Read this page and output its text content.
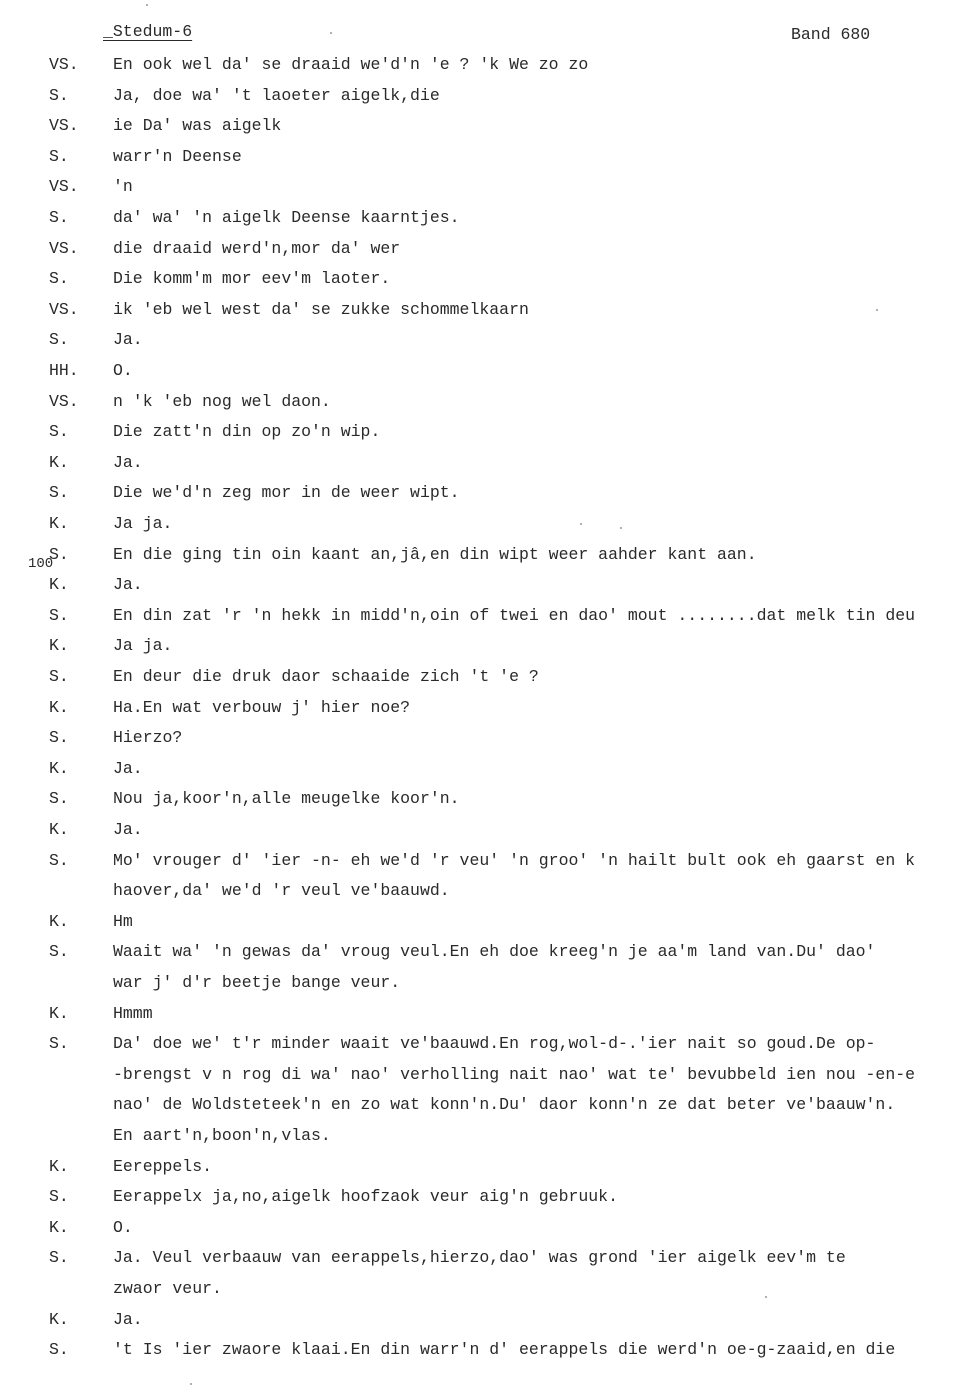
_Stedum-6	Band 680
100
VS. En ook wel da' se draaid we'd'n 'e ? 'k We zo zo
S.	Ja, doe wa' 't laoeter aigelk,die
VS. ie Da' was aigelk
S.	warr'n Deense
VS. 'n
S.	da' wa' 'n aigelk Deense kaarntjes.
VS. die draaid werd'n,mor da' wer
S.	Die komm'm mor eev'm laoter.
VS. ik 'eb wel west da' se zukke schommelkaarn
S.	Ja.
HH. O.
VS. n 'k 'eb nog wel daon.
S.	Die zatt'n din op zo'n wip.
K.	Ja.
S.	Die we'd'n zeg mor in de weer wipt.
K.	Ja ja.
S.	En die ging tin oin kaant an,jâ,en din wipt weer aahder kant aan.
K.	Ja.
S.	En din zat 'r 'n hekk in midd'n,oin of twei en dao' mout ........dat melk tin deu
K.	Ja ja.
S.	En deur die druk daor schaaide zich 't 'e ?
K.	Ha.En wat verbouw j' hier noe?
S.	Hierzo?
K.	Ja.
S.	Nou ja,koor'n,alle meugelke koor'n.
K.	Ja.
S.	Mo' vrouger d' 'ier -n- eh we'd 'r veu' 'n groo' 'n hailt bult ook eh gaarst en k
haover,da' we'd 'r veul ve'baauwd.
K.	Hm
S.	Waait wa' 'n gewas da' vroug veul.En eh doe kreeg'n je aa'm land van.Du' dao'
war j' d'r beetje bange veur.
K.	Hmmm
S.	Da' doe we' t'r minder waait ve'baauwd.En rog,wol-d-.'ier nait so goud.De op-
-brengst v n rog di wa' nao' verholling nait nao' wat te' bevubbeld ien nou -en-e
nao' de Woldsteteek'n en zo wat konn'n.Du' daor konn'n ze dat beter ve'baauw'n.
En aart'n,boon'n,vlas.
K.	Eereppels.
S.	Eerappelx ja,no,aigelk hoofzaok veur aig'n gebruuk.
K.	O.
S.	Ja. Veul verbaauw van eerappels,hierzo,dao' was grond 'ier aigelk eev'm te
zwaor veur.
K.	Ja.
S.	't Is 'ier zwaore klaai.En din warr'n d' eerappels die werd'n oe-g-zaaid,en die
